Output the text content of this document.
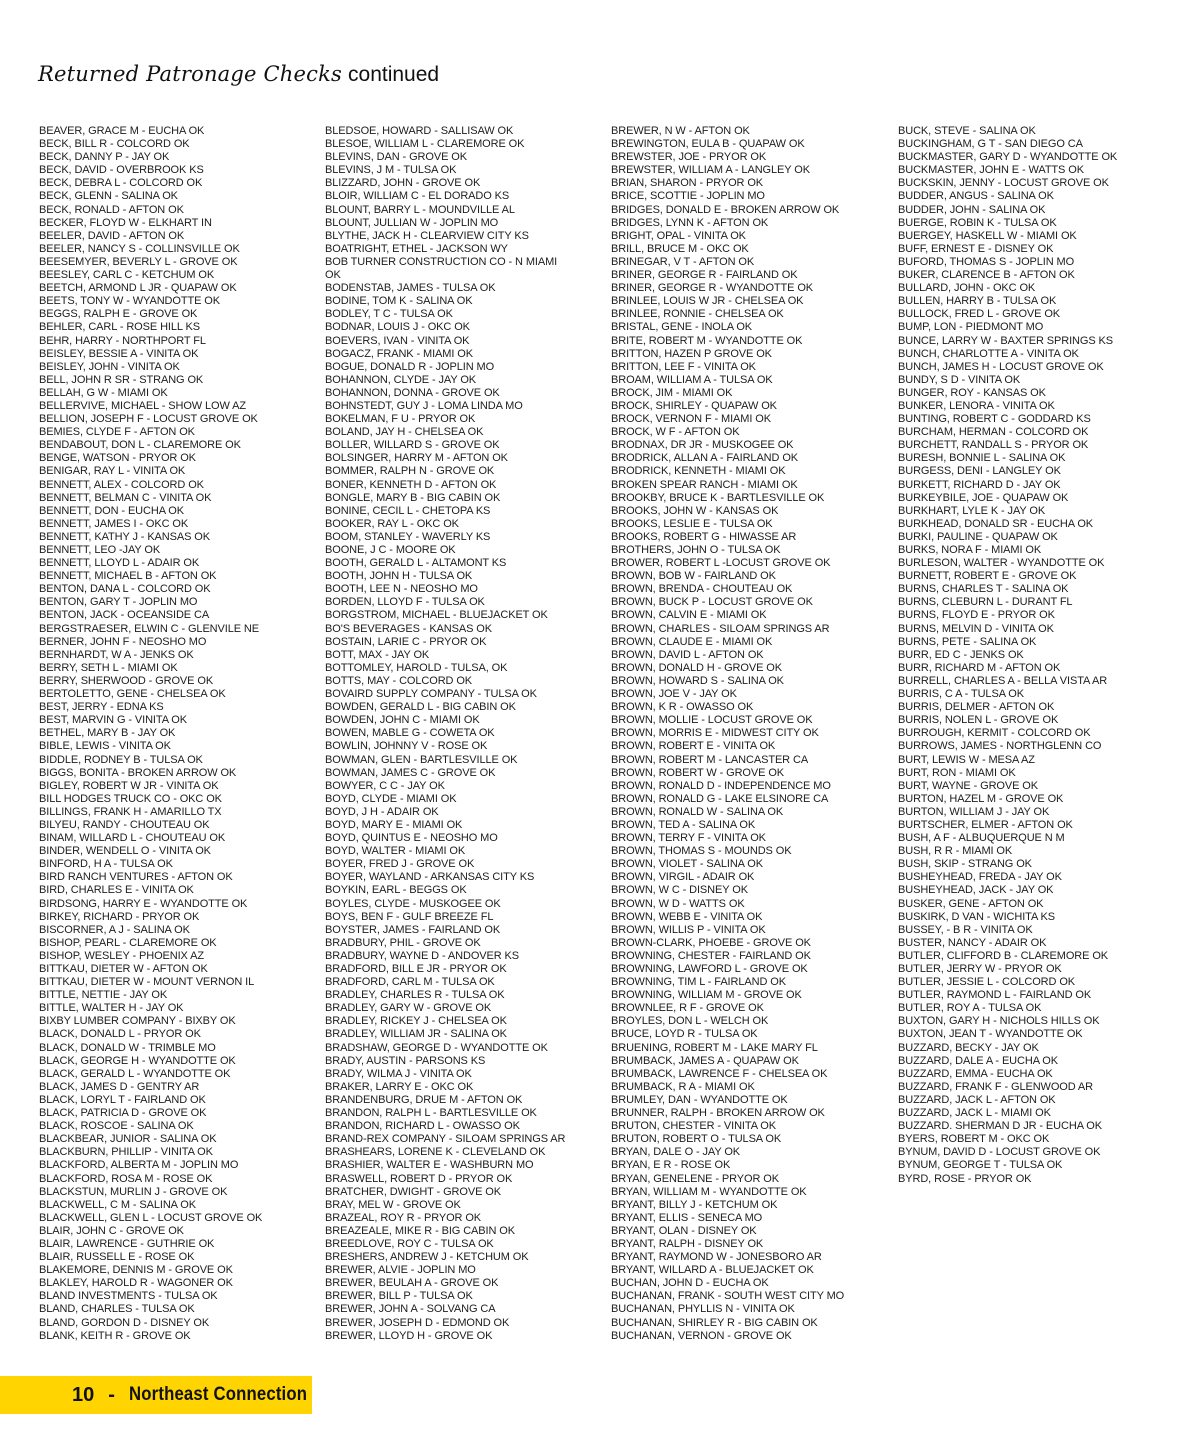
Returned Patronage Checks continued
BEAVER, GRACE M - EUCHA OK
BECK, BILL R - COLCORD OK
BECK, DANNY P - JAY OK
BECK, DAVID - OVERBROOK KS
BECK, DEBRA L - COLCORD OK
BECK, GLENN - SALINA OK
BECK, RONALD - AFTON OK
BECKER, FLOYD W - ELKHART IN
BEELER, DAVID - AFTON OK
BEELER, NANCY S - COLLINSVILLE OK
BEESEMYER, BEVERLY L - GROVE OK
BEESLEY, CARL C - KETCHUM OK
BEETCH, ARMOND L JR - QUAPAW OK
BEETS, TONY W - WYANDOTTE OK
BEGGS, RALPH E - GROVE OK
BEHLER, CARL - ROSE HILL KS
BEHR, HARRY - NORTHPORT FL
BEISLEY, BESSIE A - VINITA OK
BEISLEY, JOHN - VINITA OK
BELL, JOHN R SR - STRANG OK
BELLAH, G W - MIAMI OK
BELLERVIVE, MICHAEL - SHOW LOW AZ
BELLION, JOSEPH F - LOCUST GROVE OK
BEMIES, CLYDE F - AFTON OK
BENDABOUT, DON L - CLAREMORE OK
BENGE, WATSON - PRYOR OK
BENIGAR, RAY L - VINITA OK
BENNETT, ALEX - COLCORD OK
BENNETT, BELMAN C - VINITA OK
BENNETT, DON - EUCHA OK
BENNETT, JAMES I - OKC OK
BENNETT, KATHY J - KANSAS OK
BENNETT, LEO -JAY OK
BENNETT, LLOYD L - ADAIR OK
BENNETT, MICHAEL B - AFTON OK
BENTON, DANA L - COLCORD OK
BENTON, GARY T - JOPLIN MO
BENTON, JACK - OCEANSIDE CA
BERGSTRAESER, ELWIN C - GLENVILE NE
BERNER, JOHN F - NEOSHO MO
BERNHARDT, W A - JENKS OK
BERRY, SETH L - MIAMI OK
BERRY, SHERWOOD - GROVE OK
BERTOLETTO, GENE - CHELSEA OK
BEST, JERRY - EDNA KS
BEST, MARVIN G - VINITA OK
BETHEL, MARY B - JAY OK
BIBLE, LEWIS - VINITA OK
BIDDLE, RODNEY B - TULSA OK
BIGGS, BONITA - BROKEN ARROW OK
BIGLEY, ROBERT W JR - VINITA OK
BILL HODGES TRUCK CO - OKC OK
BILLINGS, FRANK H - AMARILLO TX
BILYEU, RANDY - CHOUTEAU OK
BINAM, WILLARD L - CHOUTEAU OK
BINDER, WENDELL O - VINITA OK
BINFORD, H A - TULSA OK
BIRD RANCH VENTURES - AFTON OK
BIRD, CHARLES E - VINITA OK
BIRDSONG, HARRY E - WYANDOTTE OK
BIRKEY, RICHARD - PRYOR OK
BISCORNER, A J - SALINA OK
BISHOP, PEARL - CLAREMORE OK
BISHOP, WESLEY - PHOENIX AZ
BITTKAU, DIETER W - AFTON OK
BITTKAU, DIETER W - MOUNT VERNON IL
BITTLE, NETTIE - JAY OK
BITTLE, WALTER H - JAY OK
BIXBY LUMBER COMPANY - BIXBY OK
BLACK, DONALD L - PRYOR OK
BLACK, DONALD W - TRIMBLE MO
BLACK, GEORGE H - WYANDOTTE OK
BLACK, GERALD L - WYANDOTTE OK
BLACK, JAMES D - GENTRY AR
BLACK, LORYL T - FAIRLAND OK
BLACK, PATRICIA D - GROVE OK
BLACK, ROSCOE - SALINA OK
BLACKBEAR, JUNIOR - SALINA OK
BLACKBURN, PHILLIP - VINITA OK
BLACKFORD, ALBERTA M - JOPLIN MO
BLACKFORD, ROSA M - ROSE OK
BLACKSTUN, MURLIN J - GROVE OK
BLACKWELL, C M - SALINA OK
BLACKWELL, GLEN L - LOCUST GROVE OK
BLAIR, JOHN C - GROVE OK
BLAIR, LAWRENCE - GUTHRIE OK
BLAIR, RUSSELL E - ROSE OK
BLAKEMORE, DENNIS M - GROVE OK
BLAKLEY, HAROLD R - WAGONER OK
BLAND INVESTMENTS - TULSA OK
BLAND, CHARLES - TULSA OK
BLAND, GORDON D - DISNEY OK
BLANK, KEITH R - GROVE OK
BLEDSOE, HOWARD - SALLISAW OK
BLESOE, WILLIAM L - CLAREMORE OK
BLEVINS, DAN - GROVE OK
BLEVINS, J M - TULSA OK
BLIZZARD, JOHN - GROVE OK
BLOIR, WILLIAM C - EL DORADO KS
BLOUNT, BARRY L - MOUNDVILLE AL
BLOUNT, JULLIAN W - JOPLIN MO
BLYTHE, JACK H - CLEARVIEW CITY KS
BOATRIGHT, ETHEL - JACKSON WY
BOB TURNER CONSTRUCTION CO - N MIAMI
OK
BODENSTAB, JAMES - TULSA OK
BODINE, TOM K - SALINA OK
BODLEY, T C - TULSA OK
BODNAR, LOUIS J - OKC OK
BOEVERS, IVAN - VINITA OK
BOGACZ, FRANK - MIAMI OK
BOGUE, DONALD R - JOPLIN MO
BOHANNON, CLYDE - JAY OK
BOHANNON, DONNA - GROVE OK
BOHNSTEDT, GUY J - LOMA LINDA MO
BOKELMAN, F U - PRYOR OK
BOLAND, JAY H - CHELSEA OK
BOLLER, WILLARD S - GROVE OK
BOLSINGER, HARRY M - AFTON OK
BOMMER, RALPH N - GROVE OK
BONER, KENNETH D - AFTON OK
BONGLE, MARY B - BIG CABIN OK
BONINE, CECIL L - CHETOPA KS
BOOKER, RAY L - OKC OK
BOOM, STANLEY - WAVERLY KS
BOONE, J C - MOORE OK
BOOTH, GERALD L - ALTAMONT KS
BOOTH, JOHN H - TULSA OK
BOOTH, LEE N - NEOSHO MO
BORDEN, LLOYD F - TULSA OK
BORGSTROM, MICHAEL - BLUEJACKET OK
BO'S BEVERAGES - KANSAS OK
BOSTAIN, LARIE C - PRYOR OK
BOTT, MAX - JAY OK
BOTTOMLEY, HAROLD - TULSA, OK
BOTTS, MAY - COLCORD OK
BOVAIRD SUPPLY COMPANY - TULSA OK
BOWDEN, GERALD L - BIG CABIN OK
BOWDEN, JOHN C - MIAMI OK
BOWEN, MABLE G - COWETA OK
BOWLIN, JOHNNY V - ROSE OK
BOWMAN, GLEN - BARTLESVILLE OK
BOWMAN, JAMES C - GROVE OK
BOWYER, C C - JAY OK
BOYD, CLYDE - MIAMI OK
BOYD, J H - ADAIR OK
BOYD, MARY E - MIAMI OK
BOYD, QUINTUS E - NEOSHO MO
BOYD, WALTER - MIAMI OK
BOYER, FRED J - GROVE OK
BOYER, WAYLAND - ARKANSAS CITY KS
BOYKIN, EARL - BEGGS OK
BOYLES, CLYDE - MUSKOGEE OK
BOYS, BEN F - GULF BREEZE FL
BOYSTER, JAMES - FAIRLAND OK
BRADBURY, PHIL - GROVE OK
BRADBURY, WAYNE D - ANDOVER KS
BRADFORD, BILL E JR - PRYOR OK
BRADFORD, CARL M - TULSA OK
BRADLEY, CHARLES R - TULSA OK
BRADLEY, GARY W - GROVE OK
BRADLEY, RICKEY J - CHELSEA OK
BRADLEY, WILLIAM JR - SALINA OK
BRADSHAW, GEORGE D - WYANDOTTE OK
BRADY, AUSTIN - PARSONS KS
BRADY, WILMA J - VINITA OK
BRAKER, LARRY E - OKC OK
BRANDENBURG, DRUE M - AFTON OK
BRANDON, RALPH L - BARTLESVILLE OK
BRANDON, RICHARD L - OWASSO OK
BRAND-REX COMPANY - SILOAM SPRINGS AR
BRASHEARS, LORENE K - CLEVELAND OK
BRASHIER, WALTER E - WASHBURN MO
BRASWELL, ROBERT D - PRYOR OK
BRATCHER, DWIGHT - GROVE OK
BRAY, MEL W - GROVE OK
BRAZEAL, ROY R - PRYOR OK
BREAZEALE, MIKE R - BIG CABIN OK
BREEDLOVE, ROY C - TULSA OK
BRESHERS, ANDREW J - KETCHUM OK
BREWER, ALVIE - JOPLIN MO
BREWER, BEULAH A - GROVE OK
BREWER, BILL P - TULSA OK
BREWER, JOHN A - SOLVANG CA
BREWER, JOSEPH D - EDMOND OK
BREWER, LLOYD H - GROVE OK
BREWER, N W - AFTON OK
BREWINGTON, EULA B - QUAPAW OK
BREWSTER, JOE - PRYOR OK
BREWSTER, WILLIAM A - LANGLEY OK
BRIAN, SHARON - PRYOR OK
BRICE, SCOTTIE - JOPLIN MO
BRIDGES, DONALD E - BROKEN ARROW OK
BRIDGES, LYNN K - AFTON OK
BRIGHT, OPAL - VINITA OK
BRILL, BRUCE M - OKC OK
BRINEGAR, V T - AFTON OK
BRINER, GEORGE R - FAIRLAND OK
BRINER, GEORGE R - WYANDOTTE OK
BRINLEE, LOUIS W JR - CHELSEA OK
BRINLEE, RONNIE - CHELSEA OK
BRISTAL, GENE - INOLA OK
BRITE, ROBERT M - WYANDOTTE OK
BRITTON, HAZEN P GROVE OK
BRITTON, LEE F - VINITA OK
BROAM, WILLIAM A - TULSA OK
BROCK, JIM - MIAMI OK
BROCK, SHIRLEY - QUAPAW OK
BROCK, VERNON F - MIAMI OK
BROCK, W F - AFTON OK
BRODNAX, DR JR - MUSKOGEE OK
BRODRICK, ALLAN A - FAIRLAND OK
BRODRICK, KENNETH - MIAMI OK
BROKEN SPEAR RANCH - MIAMI OK
BROOKBY, BRUCE K - BARTLESVILLE OK
BROOKS, JOHN W - KANSAS OK
BROOKS, LESLIE E - TULSA OK
BROOKS, ROBERT G - HIWASSE AR
BROTHERS, JOHN O - TULSA OK
BROWER, ROBERT L -LOCUST GROVE OK
BROWN, BOB W - FAIRLAND OK
BROWN, BRENDA - CHOUTEAU OK
BROWN, BUCK P - LOCUST GROVE OK
BROWN, CALVIN E - MIAMI OK
BROWN, CHARLES - SILOAM SPRINGS AR
BROWN, CLAUDE E - MIAMI OK
BROWN, DAVID L - AFTON OK
BROWN, DONALD H - GROVE OK
BROWN, HOWARD S - SALINA OK
BROWN, JOE V - JAY OK
BROWN, K R - OWASSO OK
BROWN, MOLLIE - LOCUST GROVE OK
BROWN, MORRIS E - MIDWEST CITY OK
BROWN, ROBERT E - VINITA OK
BROWN, ROBERT M - LANCASTER CA
BROWN, ROBERT W - GROVE OK
BROWN, RONALD D - INDEPENDENCE MO
BROWN, RONALD G - LAKE ELSINORE CA
BROWN, RONALD W - SALINA OK
BROWN, TED A - SALINA OK
BROWN, TERRY F - VINITA OK
BROWN, THOMAS S - MOUNDS OK
BROWN, VIOLET - SALINA OK
BROWN, VIRGIL - ADAIR OK
BROWN, W C - DISNEY OK
BROWN, W D - WATTS OK
BROWN, WEBB E - VINITA OK
BROWN, WILLIS P - VINITA OK
BROWN-CLARK, PHOEBE - GROVE OK
BROWNING, CHESTER - FAIRLAND OK
BROWNING, LAWFORD L - GROVE OK
BROWNING, TIM L - FAIRLAND OK
BROWNING, WILLIAM M - GROVE OK
BROWNLEE, R F - GROVE OK
BROYLES, DON L - WELCH OK
BRUCE, LOYD R - TULSA OK
BRUENING, ROBERT M - LAKE MARY FL
BRUMBACK, JAMES A - QUAPAW OK
BRUMBACK, LAWRENCE F - CHELSEA OK
BRUMBACK, R A - MIAMI OK
BRUMLEY, DAN - WYANDOTTE OK
BRUNNER, RALPH - BROKEN ARROW OK
BRUTON, CHESTER - VINITA OK
BRUTON, ROBERT O - TULSA OK
BRYAN, DALE O - JAY OK
BRYAN, E R - ROSE OK
BRYAN, GENELENE - PRYOR OK
BRYAN, WILLIAM M - WYANDOTTE OK
BRYANT, BILLY J - KETCHUM OK
BRYANT, ELLIS - SENECA MO
BRYANT, OLAN - DISNEY OK
BRYANT, RALPH - DISNEY OK
BRYANT, RAYMOND W - JONESBORO AR
BRYANT, WILLARD A - BLUEJACKET OK
BUCHAN, JOHN D - EUCHA OK
BUCHANAN, FRANK - SOUTH WEST CITY MO
BUCHANAN, PHYLLIS N - VINITA OK
BUCHANAN, SHIRLEY R - BIG CABIN OK
BUCHANAN, VERNON - GROVE OK
BUCK, STEVE - SALINA OK
BUCKINGHAM, G T - SAN DIEGO CA
BUCKMASTER, GARY D - WYANDOTTE OK
BUCKMASTER, JOHN E - WATTS OK
BUCKSKIN, JENNY - LOCUST GROVE OK
BUDDER, ANGUS - SALINA OK
BUDDER, JOHN - SALINA OK
BUERGE, ROBIN K - TULSA OK
BUERGEY, HASKELL W - MIAMI OK
BUFF, ERNEST E - DISNEY OK
BUFORD, THOMAS S - JOPLIN MO
BUKER, CLARENCE B - AFTON OK
BULLARD, JOHN - OKC OK
BULLEN, HARRY B - TULSA OK
BULLOCK, FRED L - GROVE OK
BUMP, LON - PIEDMONT MO
BUNCE, LARRY W - BAXTER SPRINGS KS
BUNCH, CHARLOTTE A - VINITA OK
BUNCH, JAMES H - LOCUST GROVE OK
BUNDY, S D - VINITA OK
BUNGER, ROY - KANSAS OK
BUNKER, LENORA - VINITA OK
BUNTING, ROBERT C - GODDARD KS
BURCHAM, HERMAN - COLCORD OK
BURCHETT, RANDALL S - PRYOR OK
BURESH, BONNIE L - SALINA OK
BURGESS, DENI - LANGLEY OK
BURKETT, RICHARD D - JAY OK
BURKEYBILE, JOE - QUAPAW OK
BURKHART, LYLE K - JAY OK
BURKHEAD, DONALD SR - EUCHA OK
BURKI, PAULINE - QUAPAW OK
BURKS, NORA F - MIAMI OK
BURLESON, WALTER - WYANDOTTE OK
BURNETT, ROBERT E - GROVE OK
BURNS, CHARLES T - SALINA OK
BURNS, CLEBURN L - DURANT FL
BURNS, FLOYD E - PRYOR OK
BURNS, MELVIN D - VINITA OK
BURNS, PETE - SALINA OK
BURR, ED C - JENKS OK
BURR, RICHARD M - AFTON OK
BURRELL, CHARLES A - BELLA VISTA AR
BURRIS, C A - TULSA OK
BURRIS, DELMER - AFTON OK
BURRIS, NOLEN L - GROVE OK
BURROUGH, KERMIT - COLCORD OK
BURROWS, JAMES - NORTHGLENN CO
BURT, LEWIS W - MESA AZ
BURT, RON - MIAMI OK
BURT, WAYNE - GROVE OK
BURTON, HAZEL M - GROVE OK
BURTON, WILLIAM J - JAY OK
BURTSCHER, ELMER - AFTON OK
BUSH, A F - ALBUQUERQUE N M
BUSH, R R - MIAMI OK
BUSH, SKIP - STRANG OK
BUSHEYHEAD, FREDA - JAY OK
BUSHEYHEAD, JACK - JAY OK
BUSKER, GENE - AFTON OK
BUSKIRK, D VAN - WICHITA KS
BUSSEY, - B R - VINITA OK
BUSTER, NANCY - ADAIR OK
BUTLER, CLIFFORD B - CLAREMORE OK
BUTLER, JERRY W - PRYOR OK
BUTLER, JESSIE L - COLCORD OK
BUTLER, RAYMOND L - FAIRLAND OK
BUTLER, ROY A - TULSA OK
BUXTON, GARY H - NICHOLS HILLS OK
BUXTON, JEAN T - WYANDOTTE OK
BUZZARD, BECKY - JAY OK
BUZZARD, DALE A - EUCHA OK
BUZZARD, EMMA - EUCHA OK
BUZZARD, FRANK F - GLENWOOD AR
BUZZARD, JACK L - AFTON OK
BUZZARD, JACK L - MIAMI OK
BUZZARD. SHERMAN D JR - EUCHA OK
BYERS, ROBERT M - OKC OK
BYNUM, DAVID D - LOCUST GROVE OK
BYNUM, GEORGE T - TULSA OK
BYRD, ROSE - PRYOR OK
10 - Northeast Connection
